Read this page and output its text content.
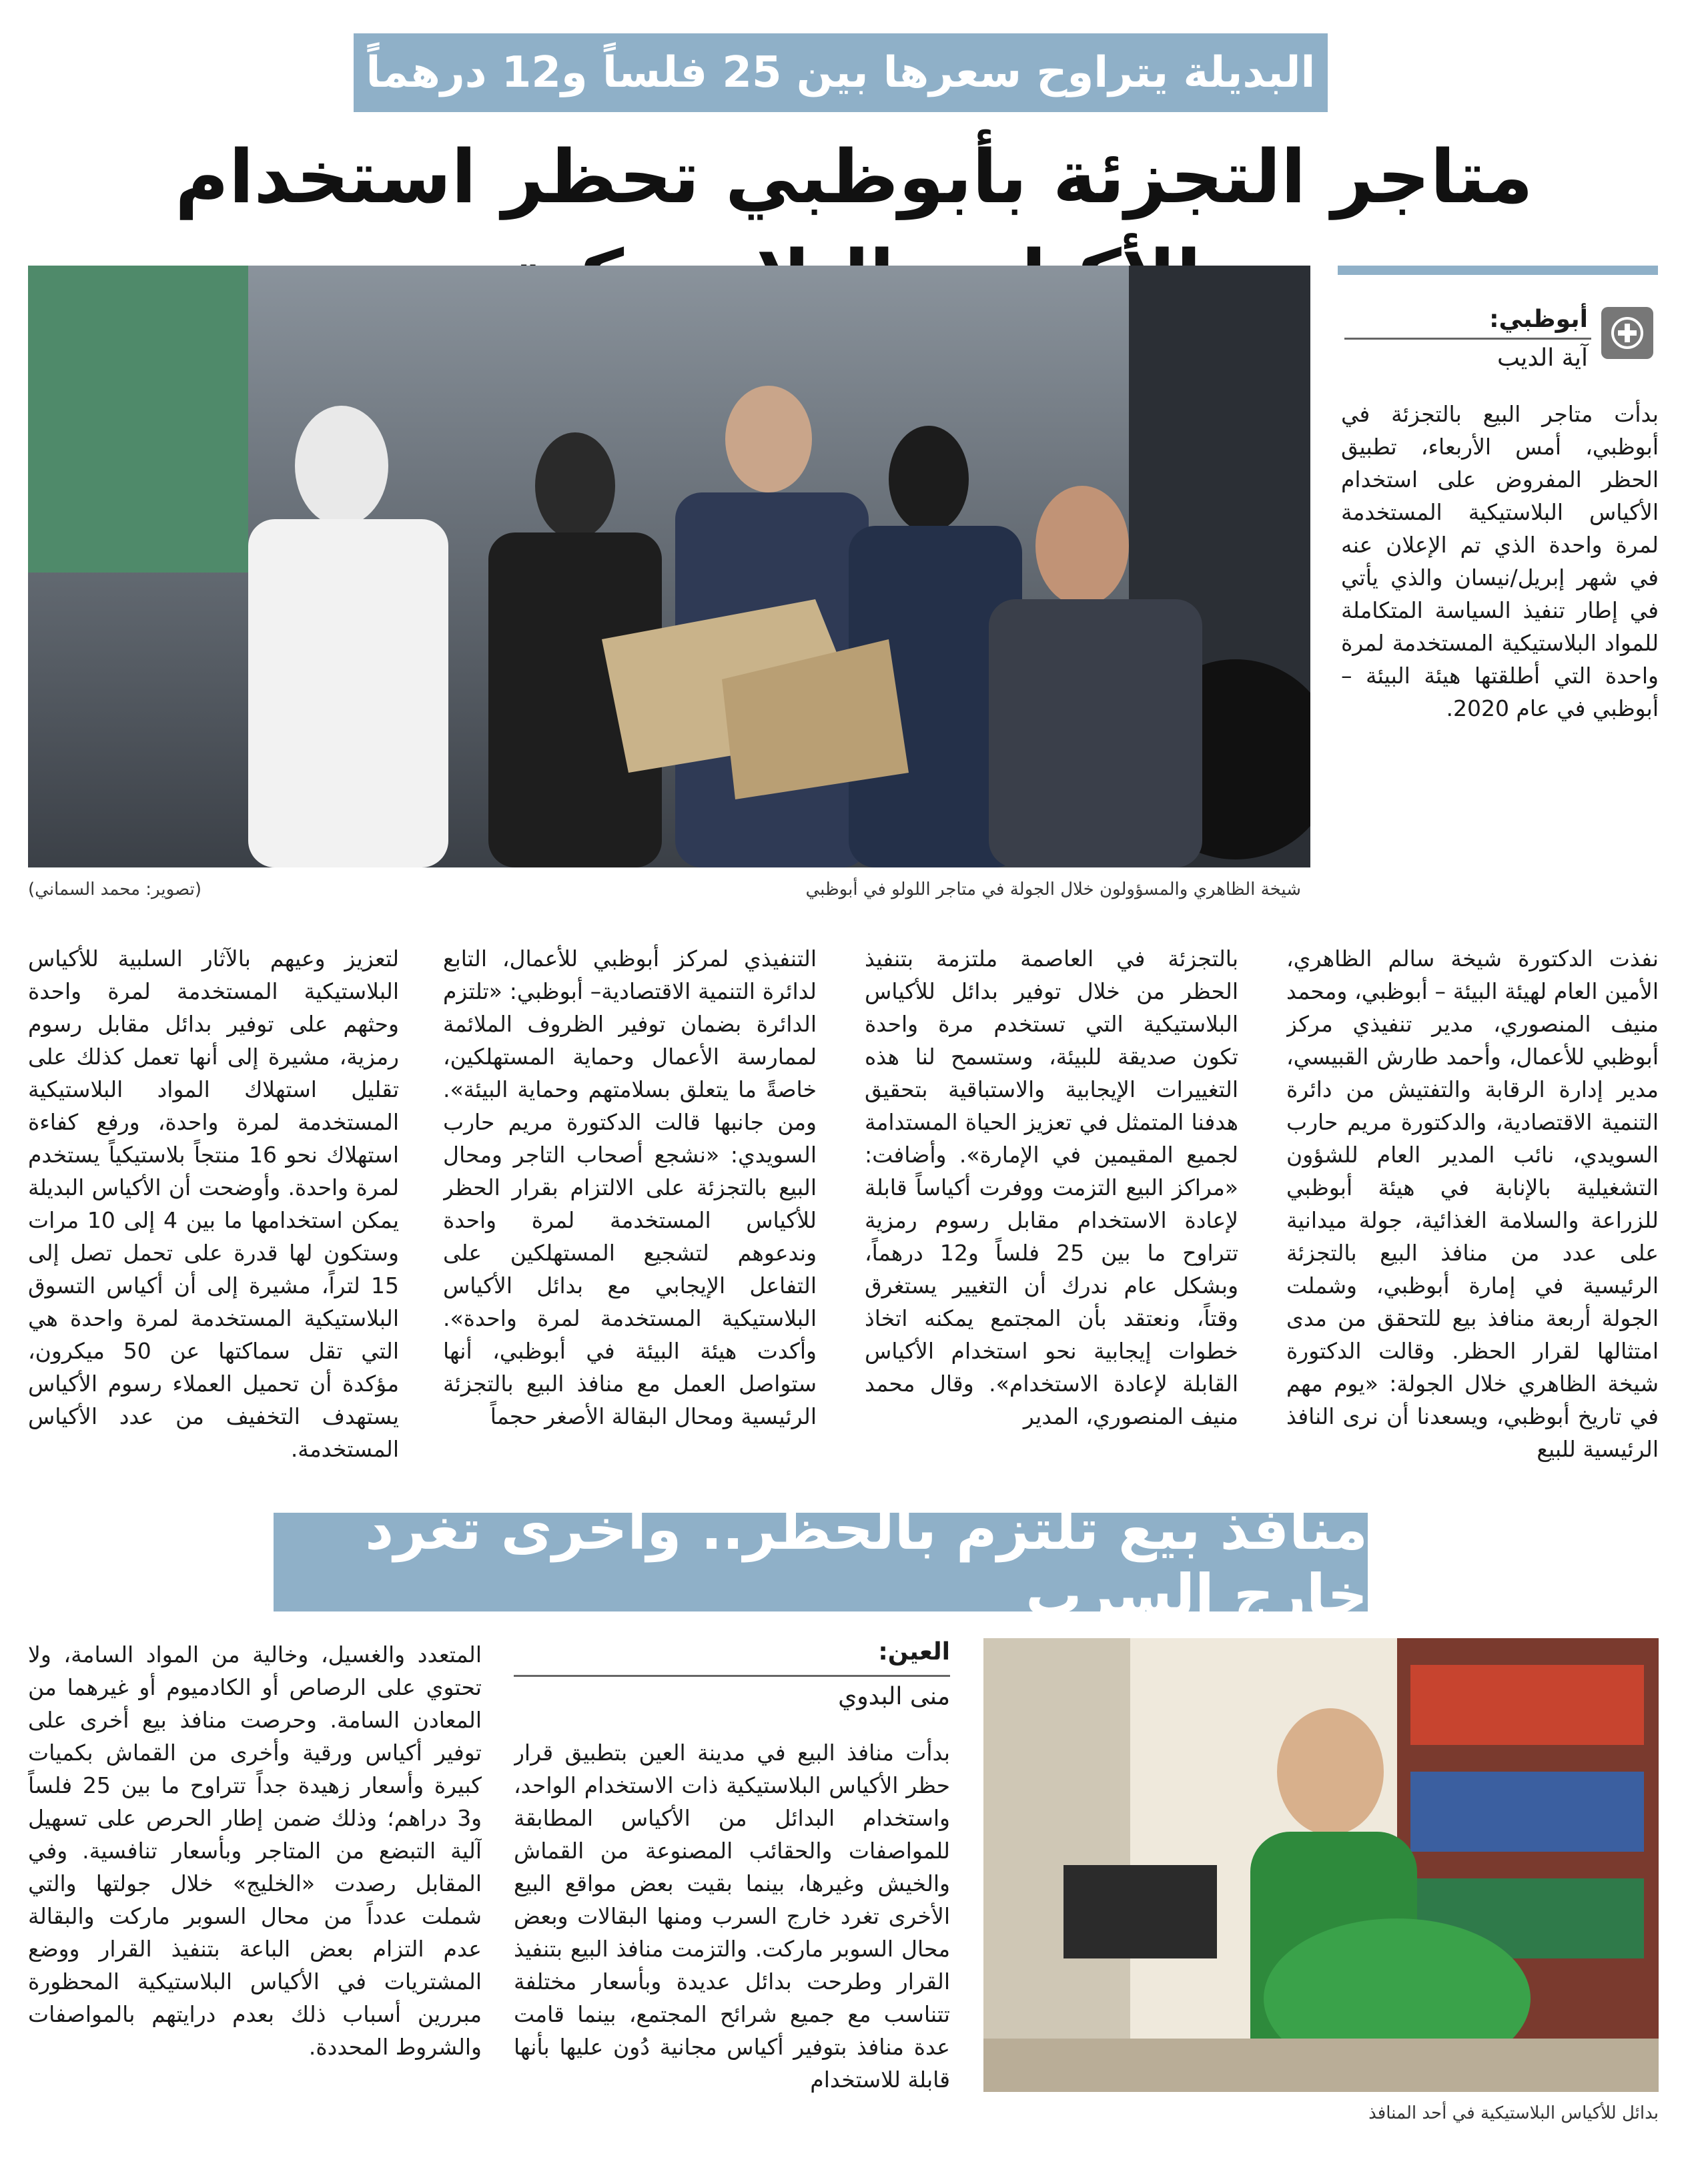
البديلة يتراوح سعرها بين 25 فلساً و12 درهماً
متاجر التجزئة بأبوظبي تحظر استخدام
شيخة الظاهري والمسؤولون خلال الجولة في متاجر اللولو في أبوظبي
(تصوير: محمد السماني)
أبوظبي:
آية الديب
بدأت متاجر البيع بالتجزئة في أبوظبي، أمس الأربعاء، تطبيق الحظر المفروض على استخدام الأكياس البلاستيكية المستخدمة لمرة واحدة الذي تم الإعلان عنه في شهر إبريل/نيسان والذي يأتي في إطار تنفيذ السياسة المتكاملة للمواد البلاستيكية المستخدمة لمرة واحدة التي أطلقتها هيئة البيئة – أبوظبي في عام 2020.
نفذت الدكتورة شيخة سالم الظاهري، الأمين العام لهيئة البيئة – أبوظبي، ومحمد منيف المنصوري، مدير تنفيذي مركز أبوظبي للأعمال، وأحمد طارش القبيسي، مدير إدارة الرقابة والتفتيش من دائرة التنمية الاقتصادية، والدكتورة مريم حارب السويدي، نائب المدير العام للشؤون التشغيلية بالإنابة في هيئة أبوظبي للزراعة والسلامة الغذائية، جولة ميدانية على عدد من منافذ البيع بالتجزئة الرئيسية في إمارة أبوظبي، وشملت الجولة أربعة منافذ بيع للتحقق من مدى امتثالها لقرار الحظر. وقالت الدكتورة شيخة الظاهري خلال الجولة: «يوم مهم في تاريخ أبوظبي، ويسعدنا أن نرى النافذ الرئيسية للبيع
بالتجزئة في العاصمة ملتزمة بتنفيذ الحظر من خلال توفير بدائل للأكياس البلاستيكية التي تستخدم مرة واحدة تكون صديقة للبيئة، وستسمح لنا هذه التغييرات الإيجابية والاستباقية بتحقيق هدفنا المتمثل في تعزيز الحياة المستدامة لجميع المقيمين في الإمارة». وأضافت: «مراكز البيع التزمت ووفرت أكياساً قابلة لإعادة الاستخدام مقابل رسوم رمزية تتراوح ما بين 25 فلساً و12 درهماً، وبشكل عام ندرك أن التغيير يستغرق وقتاً، ونعتقد بأن المجتمع يمكنه اتخاذ خطوات إيجابية نحو استخدام الأكياس القابلة لإعادة الاستخدام». وقال محمد منيف المنصوري، المدير
التنفيذي لمركز أبوظبي للأعمال، التابع لدائرة التنمية الاقتصادية– أبوظبي: «تلتزم الدائرة بضمان توفير الظروف الملائمة لممارسة الأعمال وحماية المستهلكين، خاصةً ما يتعلق بسلامتهم وحماية البيئة». ومن جانبها قالت الدكتورة مريم حارب السويدي: «نشجع أصحاب التاجر ومحال البيع بالتجزئة على الالتزام بقرار الحظر للأكياس المستخدمة لمرة واحدة وندعوهم لتشجيع المستهلكين على التفاعل الإيجابي مع بدائل الأكياس البلاستيكية المستخدمة لمرة واحدة». وأكدت هيئة البيئة في أبوظبي، أنها ستواصل العمل مع منافذ البيع بالتجزئة الرئيسية ومحال البقالة الأصغر حجماً
لتعزيز وعيهم بالآثار السلبية للأكياس البلاستيكية المستخدمة لمرة واحدة وحثهم على توفير بدائل مقابل رسوم رمزية، مشيرة إلى أنها تعمل كذلك على تقليل استهلاك المواد البلاستيكية المستخدمة لمرة واحدة، ورفع كفاءة استهلاك نحو 16 منتجاً بلاستيكياً يستخدم لمرة واحدة. وأوضحت أن الأكياس البديلة يمكن استخدامها ما بين 4 إلى 10 مرات وستكون لها قدرة على تحمل تصل إلى 15 لتراً، مشيرة إلى أن أكياس التسوق البلاستيكية المستخدمة لمرة واحدة هي التي تقل سماكتها عن 50 ميكرون، مؤكدة أن تحميل العملاء رسوم الأكياس يستهدف التخفيف من عدد الأكياس المستخدمة.
منافذ بيع تلتزم بالحظر.. وأخرى تغرد خارج السرب
بدائل للأكياس البلاستيكية في أحد المنافذ
العين:
منى البدوي
بدأت منافذ البيع في مدينة العين بتطبيق قرار حظر الأكياس البلاستيكية ذات الاستخدام الواحد، واستخدام البدائل من الأكياس المطابقة للمواصفات والحقائب المصنوعة من القماش والخيش وغيرها، بينما بقيت بعض مواقع البيع الأخرى تغرد خارج السرب ومنها البقالات وبعض محال السوبر ماركت. والتزمت منافذ البيع بتنفيذ القرار وطرحت بدائل عديدة وبأسعار مختلفة تتناسب مع جميع شرائح المجتمع، بينما قامت عدة منافذ بتوفير أكياس مجانية دُون عليها بأنها قابلة للاستخدام
المتعدد والغسيل، وخالية من المواد السامة، ولا تحتوي على الرصاص أو الكادميوم أو غيرهما من المعادن السامة. وحرصت منافذ بيع أخرى على توفير أكياس ورقية وأخرى من القماش بكميات كبيرة وأسعار زهيدة جداً تتراوح ما بين 25 فلساً و3 دراهم؛ وذلك ضمن إطار الحرص على تسهيل آلية التبضع من المتاجر وبأسعار تنافسية. وفي المقابل رصدت «الخليج» خلال جولتها والتي شملت عدداً من محال السوبر ماركت والبقالة عدم التزام بعض الباعة بتنفيذ القرار ووضع المشتريات في الأكياس البلاستيكية المحظورة مبررين أسباب ذلك بعدم درايتهم بالمواصفات والشروط المحددة.
